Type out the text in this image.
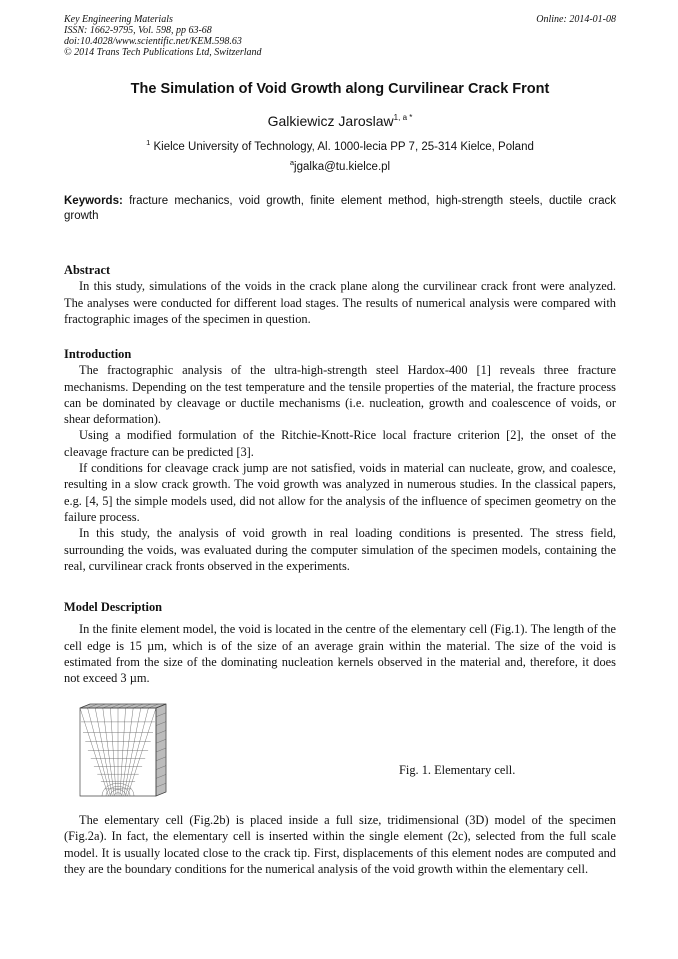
Key Engineering Materials
ISSN: 1662-9795, Vol. 598, pp 63-68
doi:10.4028/www.scientific.net/KEM.598.63
© 2014 Trans Tech Publications Ltd, Switzerland
Online: 2014-01-08
The Simulation of Void Growth along Curvilinear Crack Front
Galkiewicz Jaroslaw$^{1, a *}$
$^1$ Kielce University of Technology, Al. 1000-lecia PP 7, 25-314 Kielce, Poland
$^a$jgalka@tu.kielce.pl
Keywords: fracture mechanics, void growth, finite element method, high-strength steels, ductile crack growth

Abstract

In this study, simulations of the voids in the crack plane along the curvilinear crack front were analyzed. The analyses were conducted for different load stages. The results of numerical analysis were compared with fractographic images of the specimen in question.

Introduction

The fractographic analysis of the ultra-high-strength steel Hardox-400 [1] reveals three fracture mechanisms. Depending on the test temperature and the tensile properties of the material, the fracture process can be dominated by cleavage or ductile mechanisms (i.e. nucleation, growth and coalescence of voids, or shear deformation).

Using a modified formulation of the Ritchie-Knott-Rice local fracture criterion [2], the onset of the cleavage fracture can be predicted [3].

If conditions for cleavage crack jump are not satisfied, voids in material can nucleate, grow, and coalesce, resulting in a slow crack growth. The void growth was analyzed in numerous studies. In the classical papers, e.g. [4, 5] the simple models used, did not allow for the analysis of the influence of specimen geometry on the failure process.

In this study, the analysis of void growth in real loading conditions is presented. The stress field, surrounding the voids, was evaluated during the computer simulation of the specimen models, containing the real, curvilinear crack fronts observed in the experiments.

Model Description

In the finite element model, the void is located in the centre of the elementary cell (Fig.1). The length of the cell edge is 15 µm, which is of the size of an average grain within the material. The size of the void is estimated from the size of the dominating nucleation kernels observed in the material and, therefore, it does not exceed 3 µm.

Fig. 1. Elementary cell.

The elementary cell (Fig.2b) is placed inside a full size, tridimensional (3D) model of the specimen (Fig.2a). In fact, the elementary cell is inserted within the single element (2c), selected from the full scale model. It is usually located close to the crack tip. First, displacements of this element nodes are computed and they are the boundary conditions for the numerical analysis of the void growth within the elementary cell.
